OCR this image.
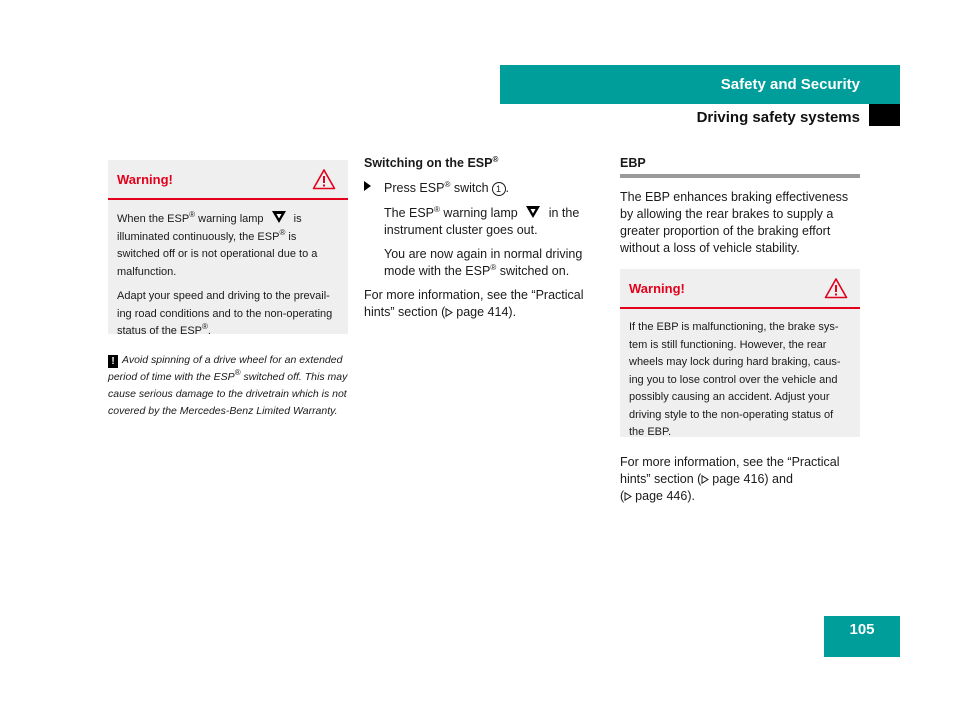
Safety and Security
Driving safety systems
Warning!

When the ESP® warning lamp  is illuminated continuously, the ESP® is switched off or is not operational due to a malfunction.

Adapt your speed and driving to the prevail-ing road conditions and to the non-operating status of the ESP®.

! Avoid spinning of a drive wheel for an extended period of time with the ESP® switched off. This may cause serious damage to the drivetrain which is not covered by the Mercedes-Benz Limited Warranty.
Switching on the ESP®
Press ESP® switch 1 .
The ESP® warning lamp  in the instrument cluster goes out.
You are now again in normal driving mode with the ESP® switched on.
For more information, see the “Practical hints” section ( page 414).
EBP
The EBP enhances braking effectiveness by allowing the rear brakes to supply a greater proportion of the braking effort without a loss of vehicle stability.
Warning!

If the EBP is malfunctioning, the brake sys-tem is still functioning. However, the rear wheels may lock during hard braking, caus-ing you to lose control over the vehicle and possibly causing an accident. Adjust your driving style to the non-operating status of the EBP.

For more information, see the “Practical hints” section ( page 416) and
( page 446).
105
